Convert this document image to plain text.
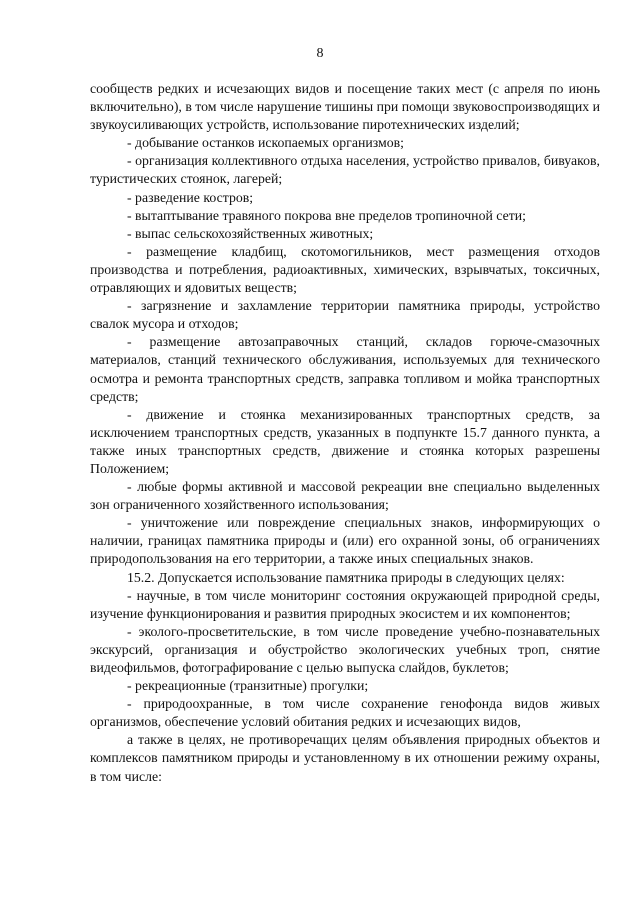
8

сообществ редких и исчезающих видов и посещение таких мест (с апреля по июнь включительно), в том числе нарушение тишины при помощи звуковоспроизводящих и звукоусиливающих устройств, использование пиротехнических изделий;

- добывание останков ископаемых организмов;

- организация коллективного отдыха населения, устройство привалов, бивуаков, туристических стоянок, лагерей;

- разведение костров;

- вытаптывание травяного покрова вне пределов тропиночной сети;

- выпас сельскохозяйственных животных;

- размещение кладбищ, скотомогильников, мест размещения отходов производства и потребления, радиоактивных, химических, взрывчатых, токсичных, отравляющих и ядовитых веществ;

- загрязнение и захламление территории памятника природы, устройство свалок мусора и отходов;

- размещение автозаправочных станций, складов горюче-смазочных материалов, станций технического обслуживания, используемых для технического осмотра и ремонта транспортных средств, заправка топливом и мойка транспортных средств;

- движение и стоянка механизированных транспортных средств, за исключением транспортных средств, указанных в подпункте 15.7 данного пункта, а также иных транспортных средств, движение и стоянка которых разрешены Положением;

- любые формы активной и массовой рекреации вне специально выделенных зон ограниченного хозяйственного использования;

- уничтожение или повреждение специальных знаков, информирующих о наличии, границах памятника природы и (или) его охранной зоны, об ограничениях природопользования на его территории, а также иных специальных знаков.

15.2. Допускается использование памятника природы в следующих целях:

- научные, в том числе мониторинг состояния окружающей природной среды, изучение функционирования и развития природных экосистем и их компонентов;

- эколого-просветительские, в том числе проведение учебно-познавательных экскурсий, организация и обустройство экологических учебных троп, снятие видеофильмов, фотографирование с целью выпуска слайдов, буклетов;

- рекреационные (транзитные) прогулки;

- природоохранные, в том числе сохранение генофонда видов живых организмов, обеспечение условий обитания редких и исчезающих видов,

а также в целях, не противоречащих целям объявления природных объектов и комплексов памятником природы и установленному в их отношении режиму охраны, в том числе:
